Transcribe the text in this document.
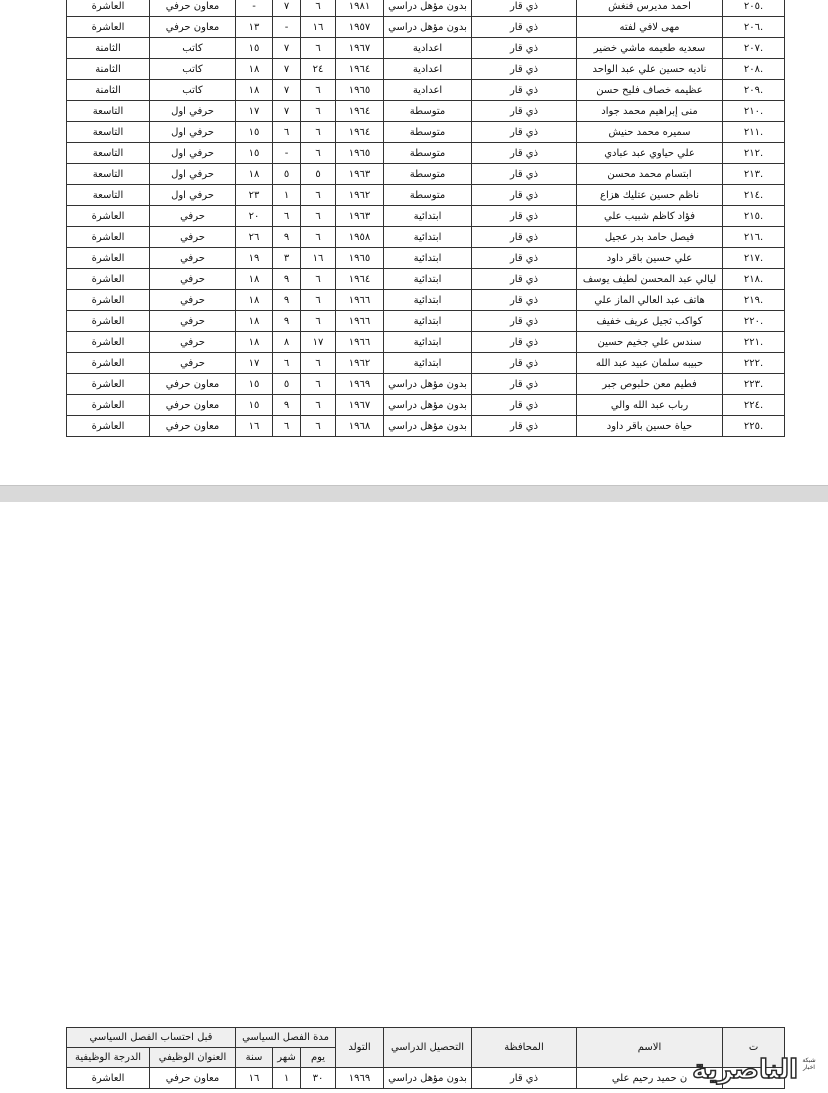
العاشرة	معاون حرفي	-	٧	٦	١٩٨١	بدون مؤهل دراسي	ذي قار	احمد مديرس فنغش	٢٠٥.
العاشرة	معاون حرفي	١٣	-	١٦	١٩٥٧	بدون مؤهل دراسي	ذي قار	مهى لافي لفته	٢٠٦.
الثامنة	كاتب	١٥	٧	٦	١٩٦٧	اعدادية	ذي قار	سعديه طعيمه ماشي خضير	٢٠٧.
الثامنة	كاتب	١٨	٧	٢٤	١٩٦٤	اعدادية	ذي قار	ناديه حسين علي عبد الواحد	٢٠٨.
الثامنة	كاتب	١٨	٧	٦	١٩٦٥	اعدادية	ذي قار	عظيمه خصاف فليح حسن	٢٠٩.
التاسعة	حرفي اول	١٧	٧	٦	١٩٦٤	متوسطة	ذي قار	منى إبراهيم محمد جواد	٢١٠.
التاسعة	حرفي اول	١٥	٦	٦	١٩٦٤	متوسطة	ذي قار	سميره محمد حنيش	٢١١.
التاسعة	حرفي اول	١٥	-	٦	١٩٦٥	متوسطة	ذي قار	علي حياوي عبد عبادي	٢١٢.
التاسعة	حرفي اول	١٨	٥	٥	١٩٦٣	متوسطة	ذي قار	ابتسام محمد محسن	٢١٣.
التاسعة	حرفي اول	٢٣	١	٦	١٩٦٢	متوسطة	ذي قار	ناظم حسين عتليك هزاع	٢١٤.
العاشرة	حرفي	٢٠	٦	٦	١٩٦٣	ابتدائية	ذي قار	فؤاد كاظم شبيب علي	٢١٥.
العاشرة	حرفي	٢٦	٩	٦	١٩٥٨	ابتدائية	ذي قار	فيصل حامد بدر عجيل	٢١٦.
العاشرة	حرفي	١٩	٣	١٦	١٩٦٥	ابتدائية	ذي قار	علي حسين باقر داود	٢١٧.
العاشرة	حرفي	١٨	٩	٦	١٩٦٤	ابتدائية	ذي قار	ليالي عبد المحسن لطيف يوسف	٢١٨.
العاشرة	حرفي	١٨	٩	٦	١٩٦٦	ابتدائية	ذي قار	هاتف عبد العالي الماز علي	٢١٩.
العاشرة	حرفي	١٨	٩	٦	١٩٦٦	ابتدائية	ذي قار	كواكب ثجيل عريف خفيف	٢٢٠.
العاشرة	حرفي	١٨	٨	١٧	١٩٦٦	ابتدائية	ذي قار	سندس علي جخيم حسين	٢٢١.
العاشرة	حرفي	١٧	٦	٦	١٩٦٢	ابتدائية	ذي قار	حبيبه سلمان عبيد عبد الله	٢٢٢.
العاشرة	معاون حرفي	١٥	٥	٦	١٩٦٩	بدون مؤهل دراسي	ذي قار	فطيم معن حلبوص جبر	٢٢٣.
العاشرة	معاون حرفي	١٥	٩	٦	١٩٦٧	بدون مؤهل دراسي	ذي قار	رباب عبد الله والي	٢٢٤.
العاشرة	معاون حرفي	١٦	٦	٦	١٩٦٨	بدون مؤهل دراسي	ذي قار	حياة حسين باقر داود	٢٢٥.
قبل احتساب الفصل السياسي		مدة الفصل السياسي			التولد	التحصيل الدراسي	المحافظة	الاسم	ت
الدرجة الوظيفية	العنوان الوظيفي	سنة	شهر	يوم					
العاشرة	معاون حرفي	١٦	١	٣٠	١٩٦٩	بدون مؤهل دراسي	ذي قار	ن حميد رحيم علي	الناصرية شبكة اخبار
